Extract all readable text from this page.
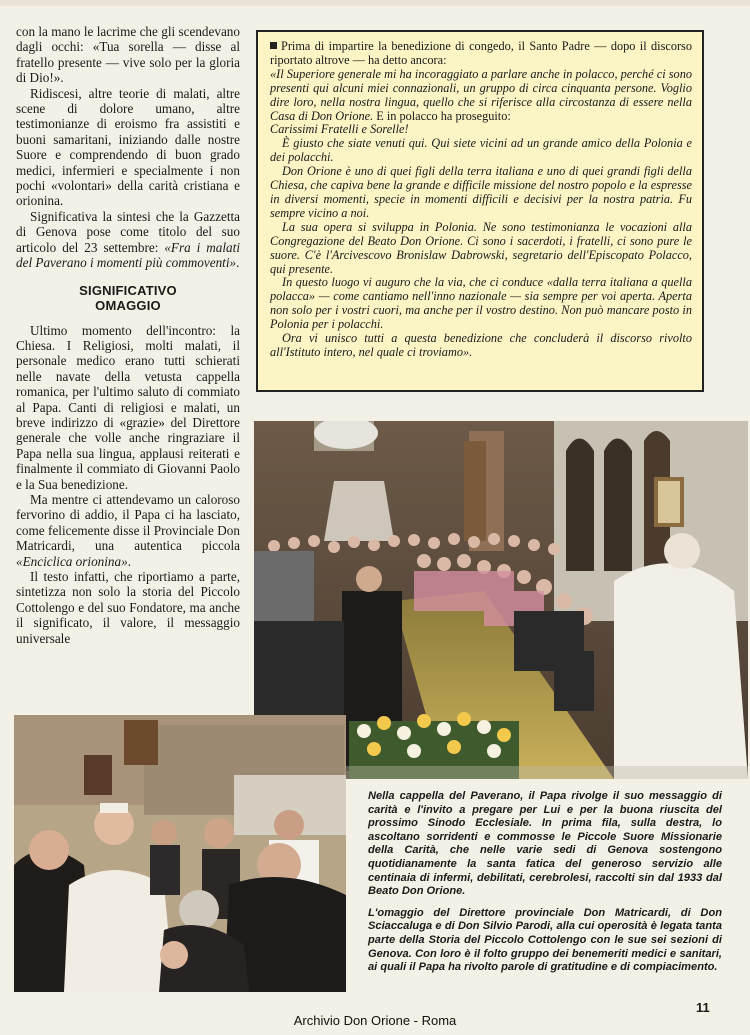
con la mano le lacrime che gli scendevano dagli occhi: «Tua sorella — disse al fratello presente — vive solo per la gloria di Dio!».

Ridiscesi, altre teorie di malati, altre scene di dolore umano, altre testimonianze di eroismo fra assistiti e buoni samaritani, iniziando dalle nostre Suore e comprendendo di buon grado medici, infermieri e specialmente i non pochi «volontari» della carità cristiana e orionina.

Significativa la sintesi che la Gazzetta di Genova pose come titolo del suo articolo del 23 settembre: «Fra i malati del Paverano i momenti più commoventi».

SIGNIFICATIVO
OMAGGIO

Ultimo momento dell'incontro: la Chiesa. I Religiosi, molti malati, il personale medico erano tutti schierati nelle navate della vetusta cappella romanica, per l'ultimo saluto di commiato al Papa. Canti di religiosi e malati, un breve indirizzo di «grazie» del Direttore generale che volle anche ringraziare il Papa nella sua lingua, applausi reiterati e finalmente il commiato di Giovanni Paolo e la Sua benedizione.

Ma mentre ci attendevamo un caloroso fervorino di addio, il Papa ci ha lasciato, come felicemente disse il Provinciale Don Matricardi, una autentica piccola «Enciclica orionina».

Il testo infatti, che riportiamo a parte, sintetizza non solo la storia del Piccolo Cottolengo e del suo Fondatore, ma anche il significato, il valore, il messaggio universale

Prima di impartire la benedizione di congedo, il Santo Padre — dopo il discorso riportato altrove — ha detto ancora:

«Il Superiore generale mi ha incoraggiato a parlare anche in polacco, perché ci sono presenti qui alcuni miei connazionali, un gruppo di circa cinquanta persone. Voglio dire loro, nella nostra lingua, quello che si riferisce alla circostanza di essere nella Casa di Don Orione. E in polacco ha proseguito:

Carissimi Fratelli e Sorelle!

È giusto che siate venuti qui. Qui siete vicini ad un grande amico della Polonia e dei polacchi.

Don Orione è uno di quei figli della terra italiana e uno di quei grandi figli della Chiesa, che capiva bene la grande e difficile missione del nostro popolo e la espresse in diversi momenti, specie in momenti difficili e decisivi per la nostra patria. Fu sempre vicino a noi.

La sua opera si sviluppa in Polonia. Ne sono testimonianza le vocazioni alla Congregazione del Beato Don Orione. Ci sono i sacerdoti, i fratelli, ci sono pure le suore. C'è l'Arcivescovo Bronislaw Dabrowski, segretario dell'Episcopato Polacco, qui presente.

In questo luogo vi auguro che la via, che ci conduce «dalla terra italiana a quella polacca» — come cantiamo nell'inno nazionale — sia sempre per voi aperta. Aperta non solo per i vostri cuori, ma anche per il vostro destino. Non può mancare posto in Polonia per i polacchi.

Ora vi unisco tutti a questa benedizione che concluderà il discorso rivolto all'Istituto intero, nel quale ci troviamo».

Nella cappella del Paverano, il Papa rivolge il suo messaggio di carità e l'invito a pregare per Lui e per la buona riuscita del prossimo Sinodo Ecclesiale. In prima fila, sulla destra, lo ascoltano sorridenti e commosse le Piccole Suore Missionarie della Carità, che nelle varie sedi di Genova sostengono quotidianamente la santa fatica del generoso servizio alle centinaia di infermi, debilitati, cerebrolesi, raccolti sin dal 1933 dal Beato Don Orione.

L'omaggio del Direttore provinciale Don Matricardi, di Don Sciaccaluga e di Don Silvio Parodi, alla cui operosità è legata tanta parte della Storia del Piccolo Cottolengo con le sue sei sezioni di Genova. Con loro è il folto gruppo dei benemeriti medici e sanitari, ai quali il Papa ha rivolto parole di gratitudine e di compiacimento.

11
Archivio Don Orione - Roma
